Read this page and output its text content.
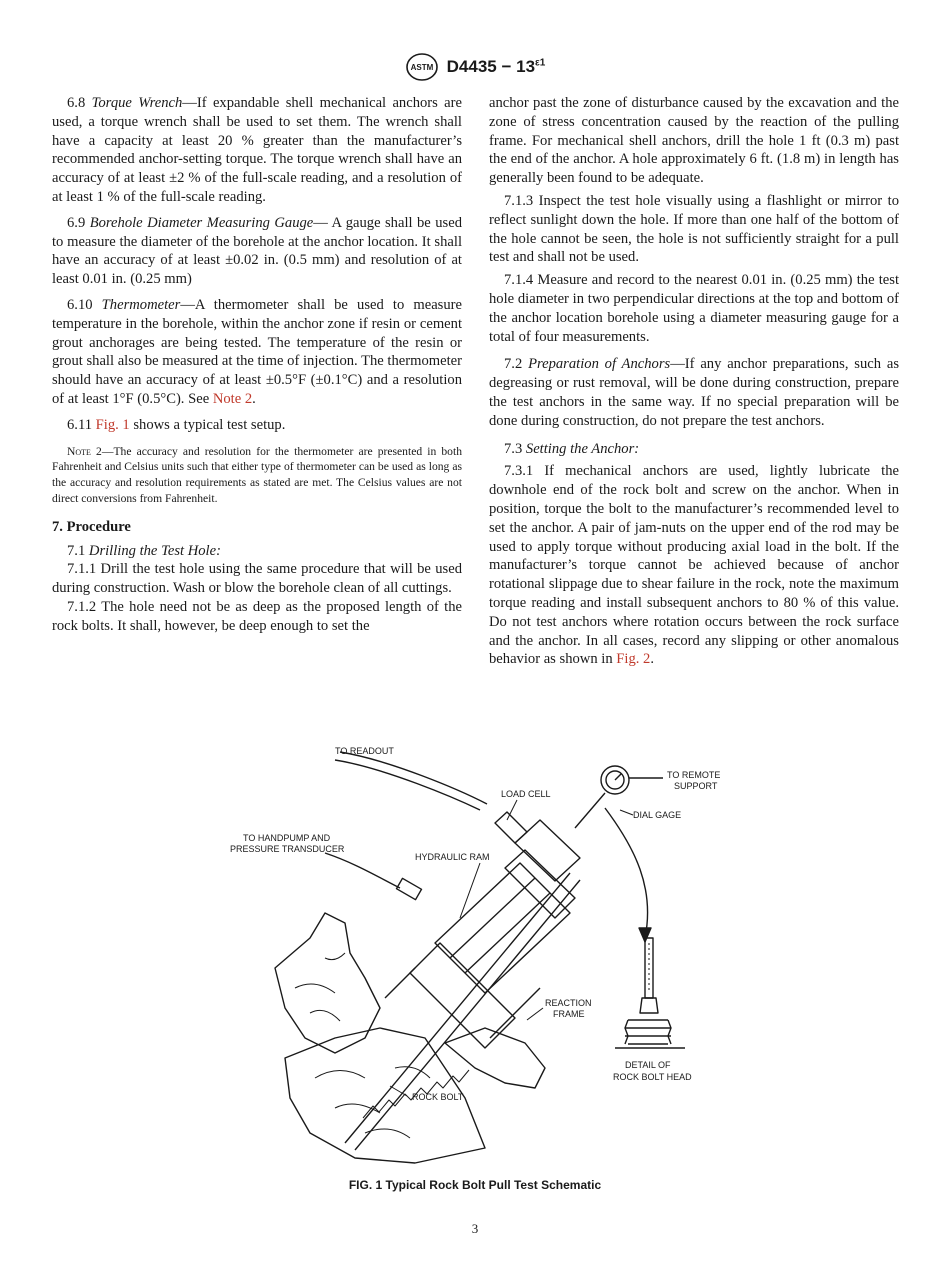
ASTM $D4435 - 13^{\varepsilon 1}$

6.8 Torque Wrench—If expandable shell mechanical anchors are used, a torque wrench shall be used to set them. The wrench shall have a capacity at least 20 % greater than the manufacturer’s recommended anchor-setting torque. The torque wrench shall have an accuracy of at least ±2 % of the full-scale reading, and a resolution of at least 1 % of the full-scale reading.

6.9 Borehole Diameter Measuring Gauge— A gauge shall be used to measure the diameter of the borehole at the anchor location. It shall have an accuracy of at least ±0.02 in. (0.5 mm) and resolution of at least 0.01 in. (0.25 mm)

6.10 Thermometer—A thermometer shall be used to measure temperature in the borehole, within the anchor zone if resin or cement grout anchorages are being tested. The temperature of the resin or grout shall also be measured at the time of injection. The thermometer should have an accuracy of at least ±0.5°F (±0.1°C) and a resolution of at least 1°F (0.5°C). See Note 2.

6.11 Fig. 1 shows a typical test setup.

Note 2—The accuracy and resolution for the thermometer are presented in both Fahrenheit and Celsius units such that either type of thermometer can be used as long as the accuracy and resolution requirements as stated are met. The Celsius values are not direct conversions from Fahrenheit.

7. Procedure

7.1 Drilling the Test Hole:

7.1.1 Drill the test hole using the same procedure that will be used during construction. Wash or blow the borehole clean of all cuttings.

7.1.2 The hole need not be as deep as the proposed length of the rock bolts. It shall, however, be deep enough to set the

anchor past the zone of disturbance caused by the excavation and the zone of stress concentration caused by the reaction of the pulling frame. For mechanical shell anchors, drill the hole 1 ft (0.3 m) past the end of the anchor. A hole approximately 6 ft. (1.8 m) in length has generally been found to be adequate.

7.1.3 Inspect the test hole visually using a flashlight or mirror to reflect sunlight down the hole. If more than one half of the bottom of the hole cannot be seen, the hole is not sufficiently straight for a pull test and shall not be used.

7.1.4 Measure and record to the nearest 0.01 in. (0.25 mm) the test hole diameter in two perpendicular directions at the top and bottom of the anchor location borehole using a diameter measuring gauge for a total of four measurements.

7.2 Preparation of Anchors—If any anchor preparations, such as degreasing or rust removal, will be done during construction, prepare the test anchors in the same way. If no special preparation will be done during construction, do not prepare the test anchors.

7.3 Setting the Anchor:

7.3.1 If mechanical anchors are used, lightly lubricate the downhole end of the rock bolt and screw on the anchor. When in position, torque the bolt to the manufacturer’s recommended level to set the anchor. A pair of jam-nuts on the upper end of the rod may be used to apply torque without producing axial load in the bolt. If the manufacturer’s torque cannot be achieved because of anchor rotational slippage due to shear failure in the rock, note the maximum torque reading and install subsequent anchors to 80 % of this value. Do not test anchors where rotation occurs between the rock surface and the anchor. In all cases, record any slipping or other anomalous behavior as shown in Fig. 2.

TO READOUT
TO REMOTE
SUPPORT
LOAD CELL
DIAL GAGE
TO HANDPUMP AND
PRESSURE TRANSDUCER
HYDRAULIC RAM
REACTION
FRAME
ROCK BOLT
DETAIL OF
ROCK BOLT HEAD
FIG. 1 Typical Rock Bolt Pull Test Schematic
3
